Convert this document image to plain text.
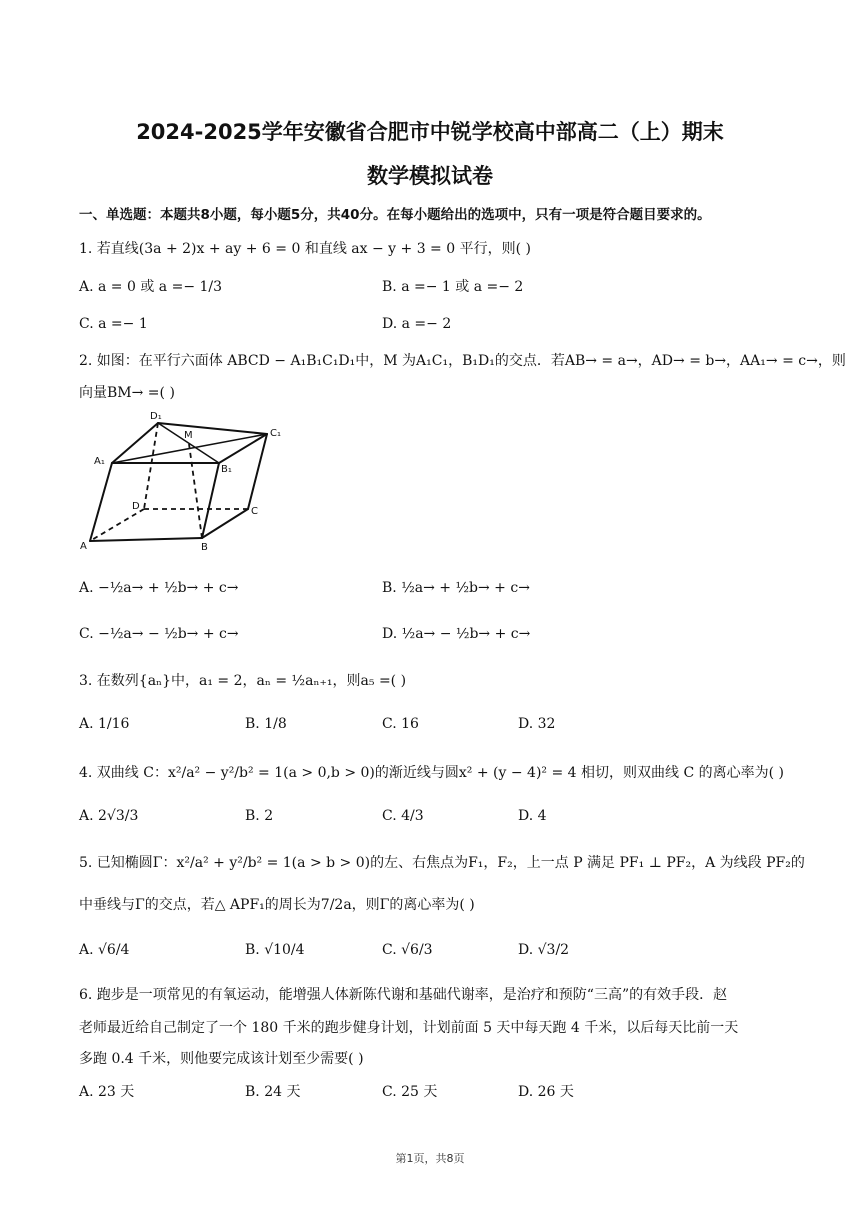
2024-2025学年安徽省合肥市中锐学校高中部高二（上）期末
数学模拟试卷
一、单选题：本题共8小题，每小题5分，共40分。在每小题给出的选项中，只有一项是符合题目要求的。
1. 若直线(3a + 2)x + ay + 6 = 0 和直线 ax − y + 3 = 0 平行，则( )
A. a = 0 或 a =− 1/3	B. a =− 1 或 a =− 2
C. a =− 1	D. a =− 2
2. 如图：在平行六面体 ABCD − A₁B₁C₁D₁中，M 为A₁C₁，B₁D₁的交点．若AB→ = a→，AD→ = b→，AA₁→ = c→，则
向量BM→ =( )
D₁
M	C₁
A₁
B₁
D	C
A	B
A. −½a→ + ½b→ + c→	B. ½a→ + ½b→ + c→
C. −½a→ − ½b→ + c→	D. ½a→ − ½b→ + c→
3. 在数列{aₙ}中，a₁ = 2，aₙ = ½aₙ₊₁，则a₅ =( )
A. 1/16	B. 1/8	C. 16	D. 32
4. 双曲线 C：x²/a² − y²/b² = 1(a > 0,b > 0)的渐近线与圆x² + (y − 4)² = 4 相切，则双曲线 C 的离心率为( )
A. 2√3/3	B. 2	C. 4/3	D. 4
5. 已知椭圆Γ：x²/a² + y²/b² = 1(a > b > 0)的左、右焦点为F₁，F₂，上一点 P 满足 PF₁ ⊥ PF₂，A 为线段 PF₂的
中垂线与Γ的交点，若△ APF₁的周长为7/2a，则Γ的离心率为( )
A. √6/4	B. √10/4	C. √6/3	D. √3/2
6. 跑步是一项常见的有氧运动，能增强人体新陈代谢和基础代谢率，是治疗和预防“三高”的有效手段．赵
老师最近给自己制定了一个 180 千米的跑步健身计划，计划前面 5 天中每天跑 4 千米，以后每天比前一天
多跑 0.4 千米，则他要完成该计划至少需要( )
A. 23 天	B. 24 天	C. 25 天	D. 26 天
第1页，共8页
